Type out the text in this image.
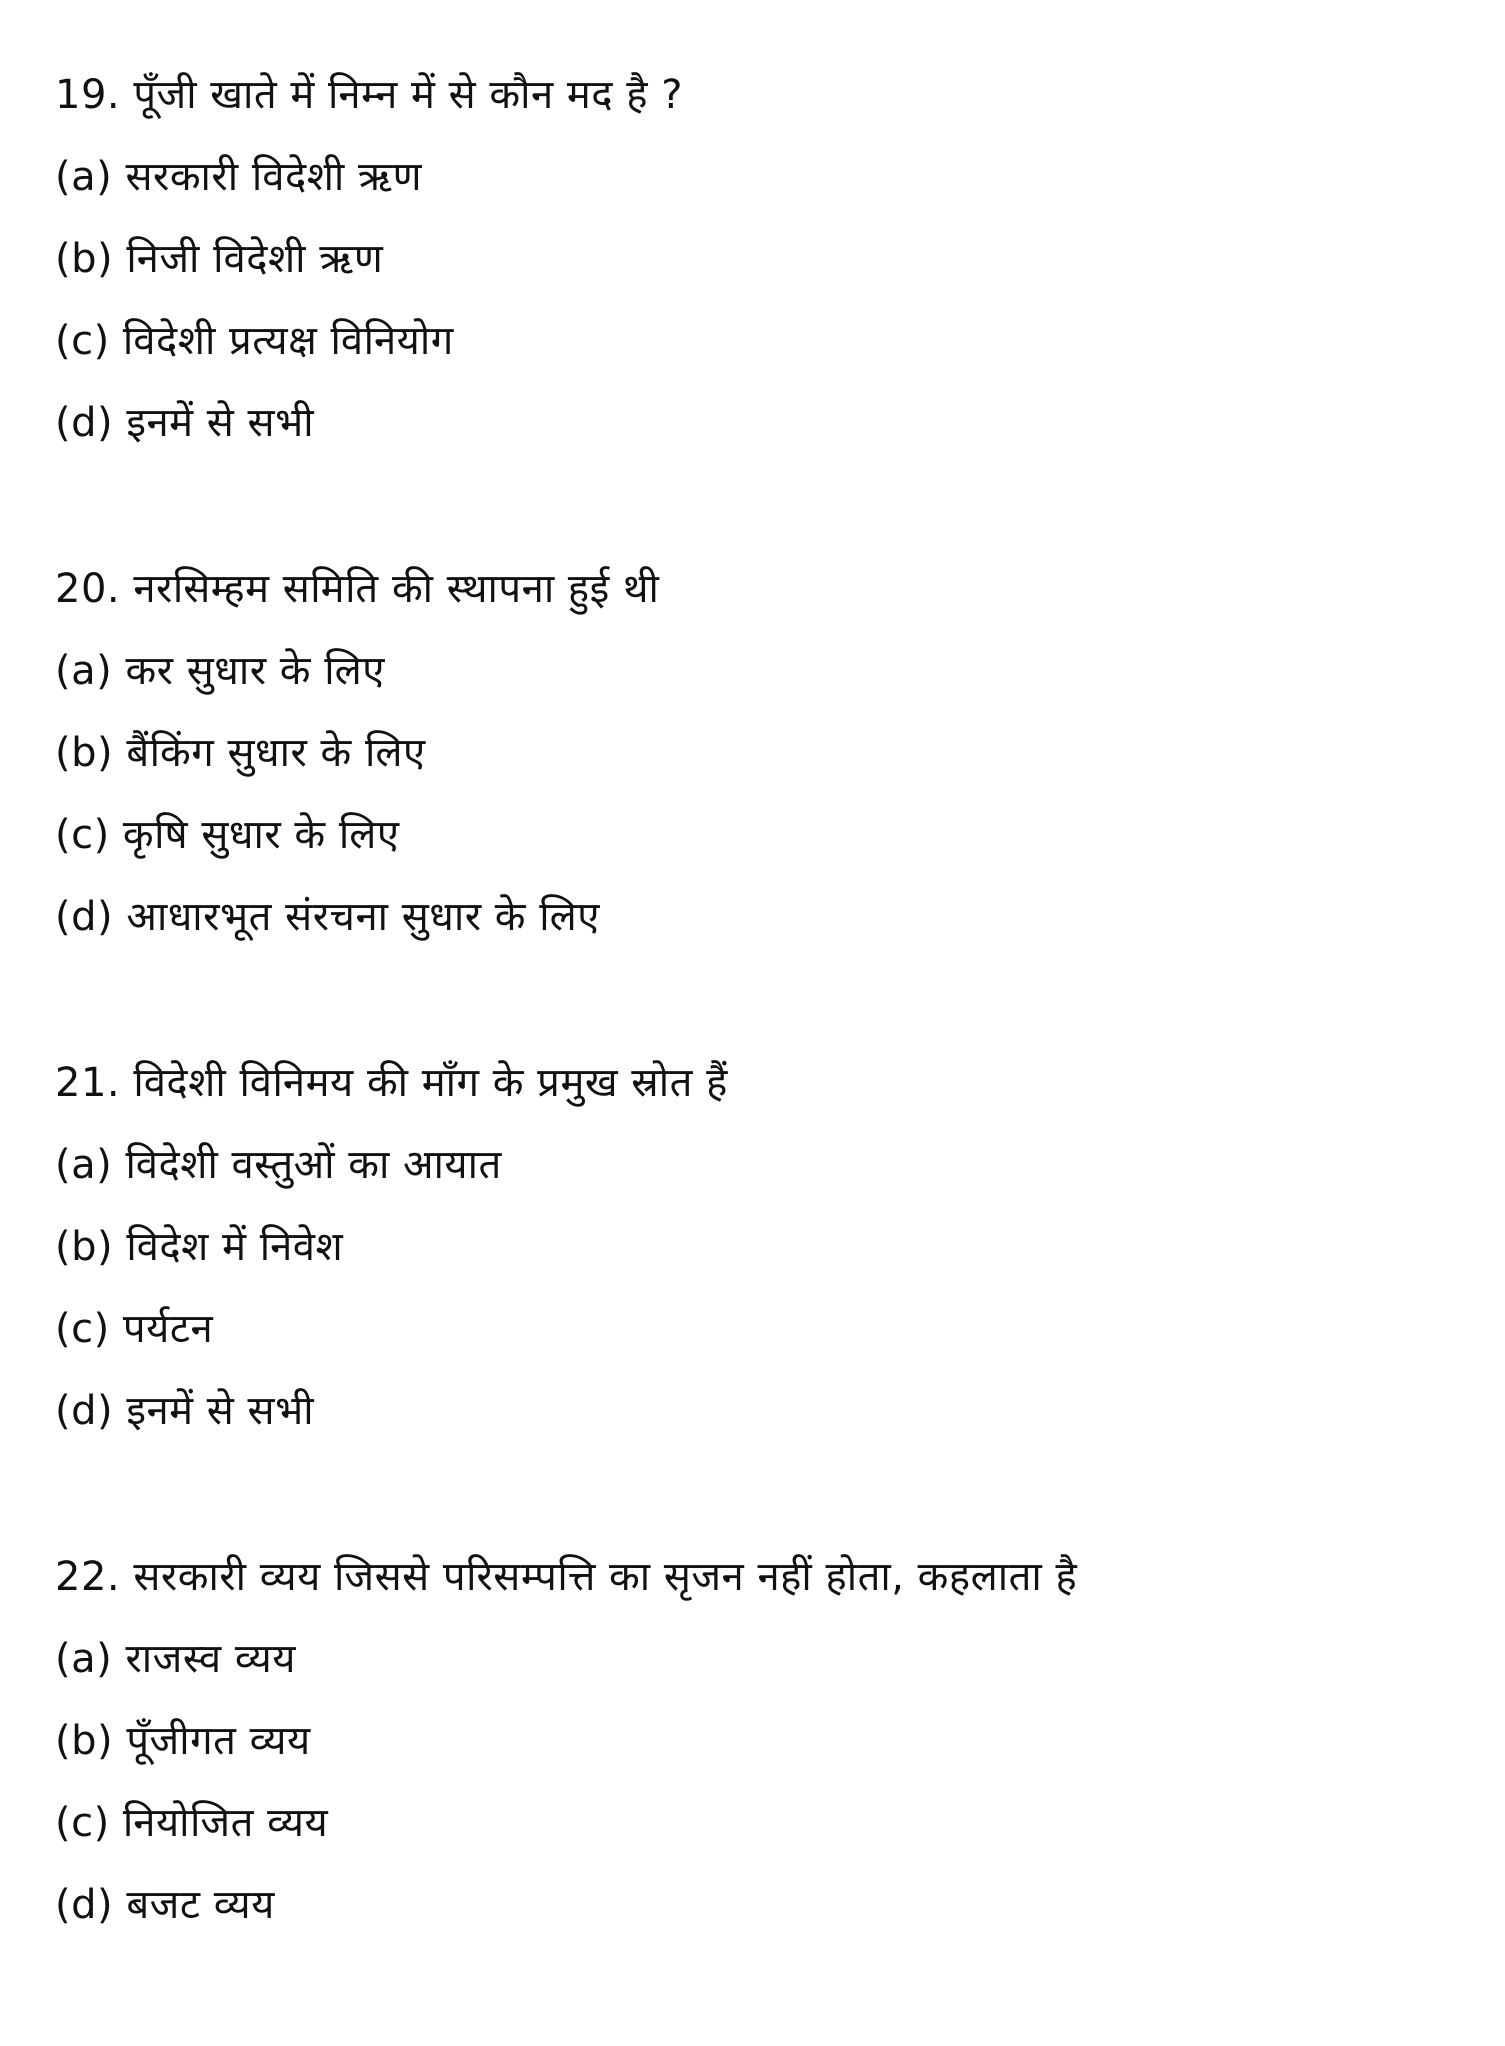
19. पूँजी खाते में निम्न में से कौन मद है ?
(a) सरकारी विदेशी ऋण
(b) निजी विदेशी ऋण
(c) विदेशी प्रत्यक्ष विनियोग
(d) इनमें से सभी
20. नरसिम्हम समिति की स्थापना हुई थी
(a) कर सुधार के लिए
(b) बैंकिंग सुधार के लिए
(c) कृषि सुधार के लिए
(d) आधारभूत संरचना सुधार के लिए
21. विदेशी विनिमय की माँग के प्रमुख स्रोत हैं
(a) विदेशी वस्तुओं का आयात
(b) विदेश में निवेश
(c) पर्यटन
(d) इनमें से सभी
22. सरकारी व्यय जिससे परिसम्पत्ति का सृजन नहीं होता, कहलाता है
(a) राजस्व व्यय
(b) पूँजीगत व्यय
(c) नियोजित व्यय
(d) बजट व्यय
